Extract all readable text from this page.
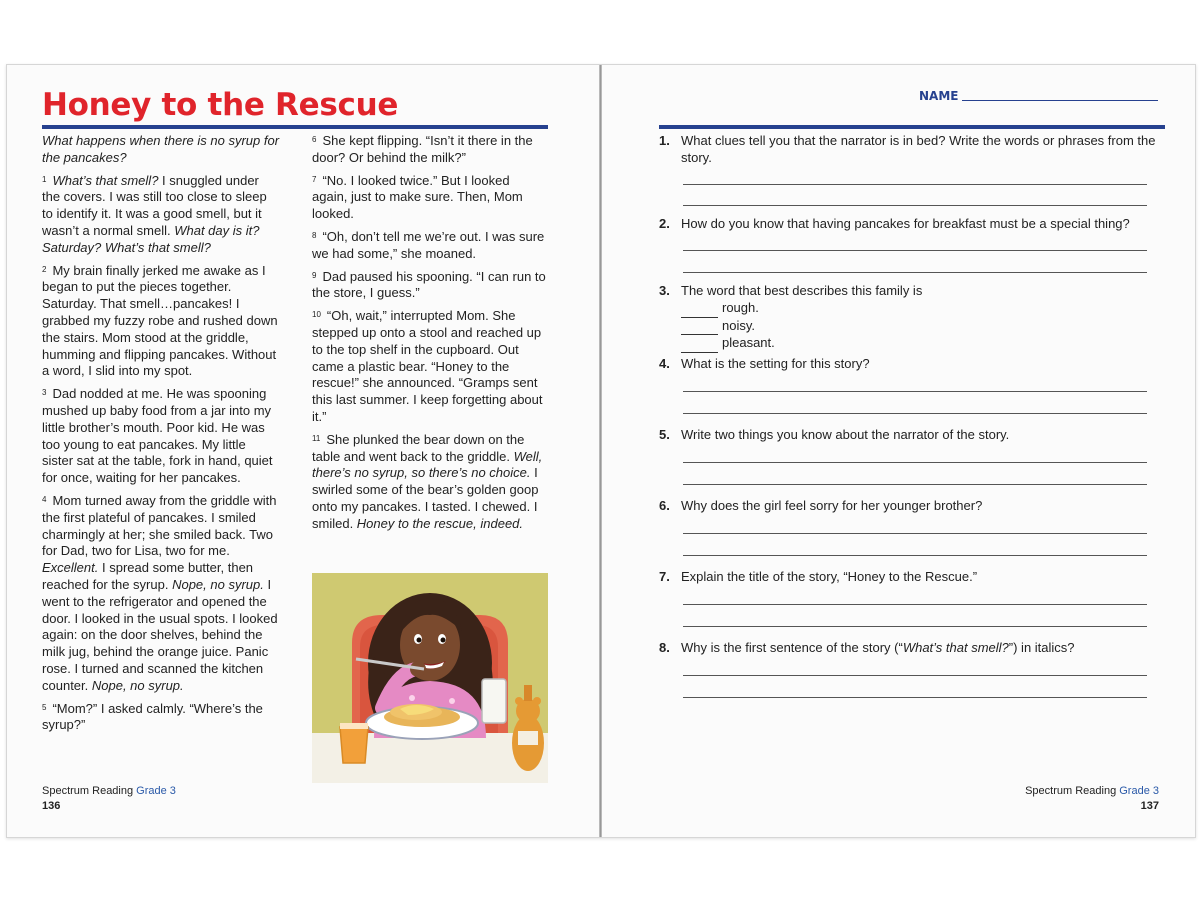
Honey to the Rescue

What happens when there is no syrup for the pancakes?

$^1$ What’s that smell? I snuggled under the covers. I was still too close to sleep to identify it. It was a good smell, but it wasn’t a normal smell. What day is it? Saturday? What’s that smell?

$^2$ My brain finally jerked me awake as I began to put the pieces together. Saturday. That smell…pancakes! I grabbed my fuzzy robe and rushed down the stairs. Mom stood at the griddle, humming and flipping pancakes. Without a word, I slid into my spot.

$^3$ Dad nodded at me. He was spooning mushed up baby food from a jar into my little brother’s mouth. Poor kid. He was too young to eat pancakes. My little sister sat at the table, fork in hand, quiet for once, waiting for her pancakes.

$^4$ Mom turned away from the griddle with the first plateful of pancakes. I smiled charmingly at her; she smiled back. Two for Dad, two for Lisa, two for me. Excellent. I spread some butter, then reached for the syrup. Nope, no syrup. I went to the refrigerator and opened the door. I looked in the usual spots. I looked again: on the door shelves, behind the milk jug, behind the orange juice. Panic rose. I turned and scanned the kitchen counter. Nope, no syrup.

$^5$ “Mom?” I asked calmly. “Where’s the syrup?”

$^6$ She kept flipping. “Isn’t it there in the door? Or behind the milk?”

$^7$ “No. I looked twice.” But I looked again, just to make sure. Then, Mom looked.

$^8$ “Oh, don’t tell me we’re out. I was sure we had some,” she moaned.

$^9$ Dad paused his spooning. “I can run to the store, I guess.”

$^{10}$ “Oh, wait,” interrupted Mom. She stepped up onto a stool and reached up to the top shelf in the cupboard. Out came a plastic bear. “Honey to the rescue!” she announced. “Gramps sent this last summer. I keep forgetting about it.”

$^{11}$ She plunked the bear down on the table and went back to the griddle. Well, there’s no syrup, so there’s no choice. I swirled some of the bear’s golden goop onto my pancakes. I tasted. I chewed. I smiled. Honey to the rescue, indeed.

Spectrum Reading Grade 3
136
NAME
1. What clues tell you that the narrator is in bed? Write the words or phrases from the story.
2. How do you know that having pancakes for breakfast must be a special thing?
3. The word that best describes this family is
rough.
noisy.
pleasant.
4. What is the setting for this story?
5. Write two things you know about the narrator of the story.
6. Why does the girl feel sorry for her younger brother?
7. Explain the title of the story, “Honey to the Rescue.”
8. Why is the first sentence of the story (“What’s that smell?”) in italics?
Spectrum Reading Grade 3
137
